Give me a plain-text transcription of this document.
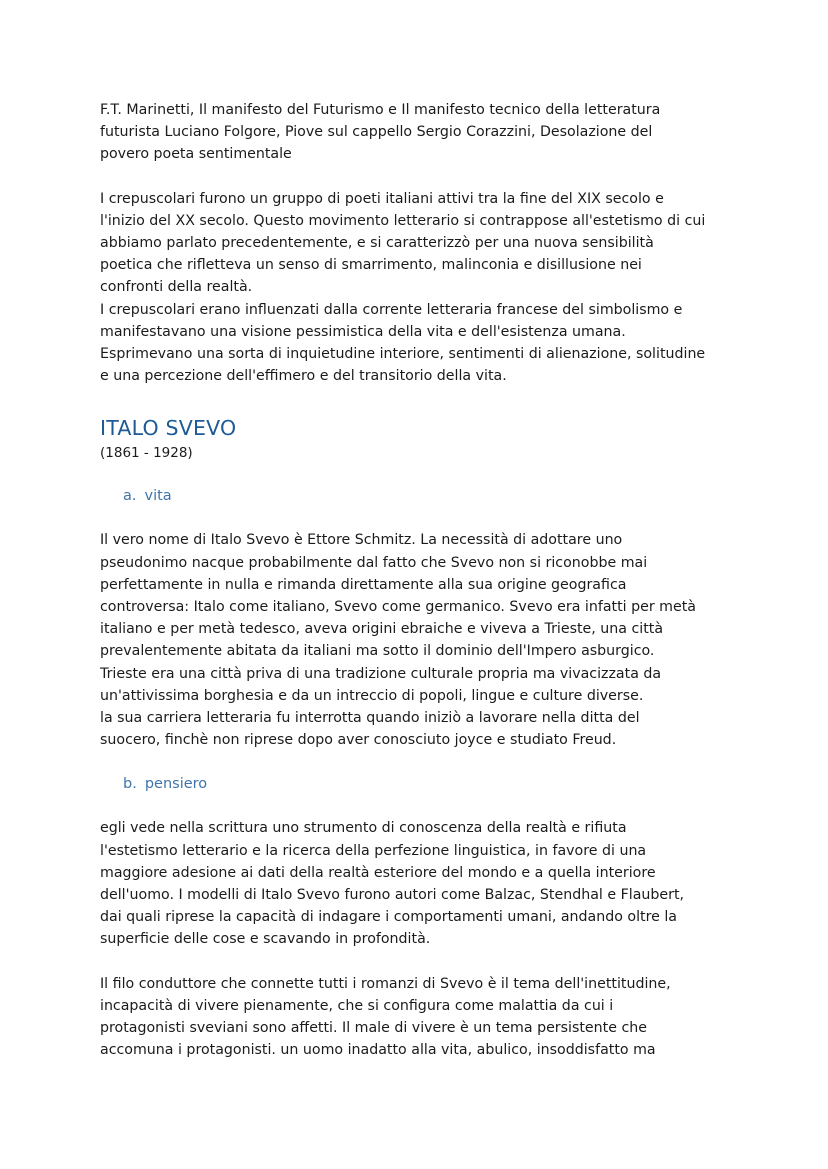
F.T. Marinetti, Il manifesto del Futurismo e Il manifesto tecnico della letteratura
futurista Luciano Folgore, Piove sul cappello Sergio Corazzini, Desolazione del
povero poeta sentimentale

I crepuscolari furono un gruppo di poeti italiani attivi tra la fine del XIX secolo e
l'inizio del XX secolo. Questo movimento letterario si contrappose all'estetismo di cui
abbiamo parlato precedentemente, e si caratterizzò per una nuova sensibilità
poetica che rifletteva un senso di smarrimento, malinconia e disillusione nei
confronti della realtà.
I crepuscolari erano influenzati dalla corrente letteraria francese del simbolismo e
manifestavano una visione pessimistica della vita e dell'esistenza umana.
Esprimevano una sorta di inquietudine interiore, sentimenti di alienazione, solitudine
e una percezione dell'effimero e del transitorio della vita.

ITALO SVEVO
(1861 - 1928)
a. vita

Il vero nome di Italo Svevo è Ettore Schmitz. La necessità di adottare uno
pseudonimo nacque probabilmente dal fatto che Svevo non si riconobbe mai
perfettamente in nulla e rimanda direttamente alla sua origine geografica
controversa: Italo come italiano, Svevo come germanico. Svevo era infatti per metà
italiano e per metà tedesco, aveva origini ebraiche e viveva a Trieste, una città
prevalentemente abitata da italiani ma sotto il dominio dell'Impero asburgico.
Trieste era una città priva di una tradizione culturale propria ma vivacizzata da
un'attivissima borghesia e da un intreccio di popoli, lingue e culture diverse.
la sua carriera letteraria fu interrotta quando iniziò a lavorare nella ditta del
suocero, finchè non riprese dopo aver conosciuto joyce e studiato Freud.

b. pensiero

egli vede nella scrittura uno strumento di conoscenza della realtà e rifiuta
l'estetismo letterario e la ricerca della perfezione linguistica, in favore di una
maggiore adesione ai dati della realtà esteriore del mondo e a quella interiore
dell'uomo. I modelli di Italo Svevo furono autori come Balzac, Stendhal e Flaubert,
dai quali riprese la capacità di indagare i comportamenti umani, andando oltre la
superficie delle cose e scavando in profondità.

Il filo conduttore che connette tutti i romanzi di Svevo è il tema dell'inettitudine,
incapacità di vivere pienamente, che si configura come malattia da cui i
protagonisti sveviani sono affetti. Il male di vivere è un tema persistente che
accomuna i protagonisti. un uomo inadatto alla vita, abulico, insoddisfatto ma
